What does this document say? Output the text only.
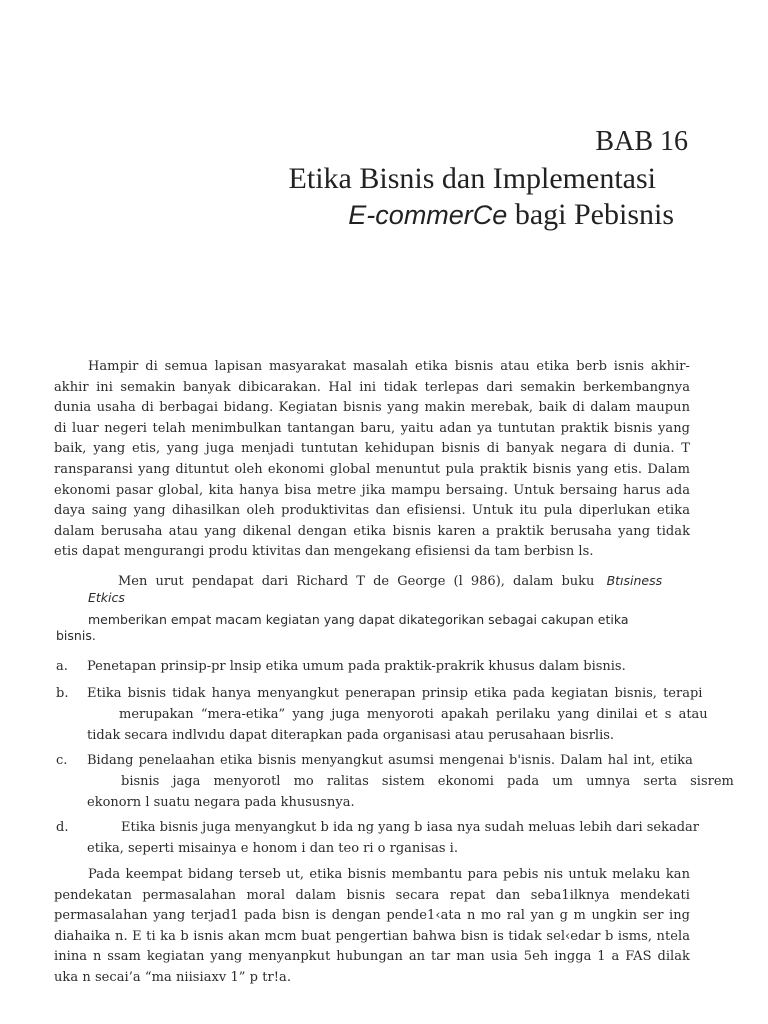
BAB 16
Etika Bisnis dan Implementasi
E-commerCe bagi Pebisnis
Hampir di semua lapisan masyarakat masalah etika bisnis atau etika berb isnis akhir-akhir ini semakin banyak dibicarakan. Hal ini tidak terlepas dari semakin berkembangnya dunia usaha di berbagai bidang. Kegiatan bisnis yang makin merebak, baik di dalam maupun di luar negeri telah menimbulkan tantangan baru, yaitu adan ya tuntutan praktik bisnis yang baik, yang etis, yang juga menjadi tuntutan kehidupan bisnis di banyak negara di dunia. T ransparansi yang dituntut oleh ekonomi global menuntut pula praktik bisnis yang etis. Dalam ekonomi pasar global, kita hanya bisa metre jika mampu bersaing. Untuk bersaing harus ada daya saing yang dihasilkan oleh produktivitas dan efisiensi. Untuk itu pula diperlukan etika dalam berusaha atau yang dikenal dengan etika bisnis karen a praktik berusaha yang tidak etis dapat mengurangi produ ktivitas dan mengekang efisiensi da tam berbisn ls.
Men urut pendapat dari Richard T de George (l 986), dalam buku Btısiness
Etkics
memberikan empat macam kegiatan yang dapat dikategorikan sebagai cakupan etika
bisnis.
a. Penetapan prinsip-pr lnsip etika umum pada praktik-prakrik khusus dalam bisnis.
b. Etika bisnis tidak hanya menyangkut penerapan prinsip etika pada kegiatan bisnis, terapi
merupakan “mera-etika” yang juga menyoroti apakah perilaku yang dinilai et s atau
tidak secara indlvıdu dapat diterapkan pada organisasi atau perusahaan bisrlis.
c. Bidang penelaahan etika bisnis menyangkut asumsi mengenai b'isnis. Dalam hal int, etika
bisnis jaga menyorotl mo ralitas sistem ekonomi pada um umnya serta sisrem
ekonorn l suatu negara pada khususnya.
d.	Etika bisnis juga menyangkut b ida ng yang b iasa nya sudah meluas lebih dari sekadar
etika, seperti misainya e honom i dan teo ri o rganisas i.
Pada keempat bidang terseb ut, etika bisnis membantu para pebis nis untuk melaku kan pendekatan permasalahan moral dalam bisnis secara repat dan seba1ilknya mendekati permasalahan yang terjad1 pada bisn is dengan pende1‹ata n mo ral yan g m ungkin ser ing diahaika n. E ti ka b isnis akan mcm buat pengertian bahwa bisn is tidak sel‹edar b isms, ntela inina n ssam kegiatan yang menyanpkut hubungan an tar man usia 5eh ingga 1 a FAS dilak uka n secai’a “ma niisiaxv 1” p tr!a.
